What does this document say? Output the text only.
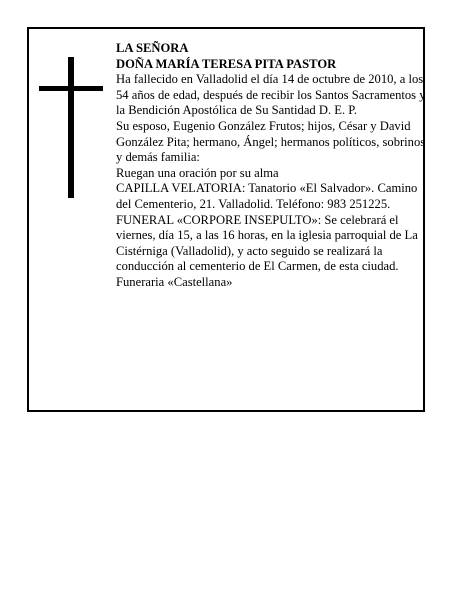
LA SEÑORA

DOÑA MARÍA TERESA PITA PASTOR

Ha fallecido en Valladolid el día 14 de octubre de 2010, a los 54 años de edad, después de recibir los Santos Sacramentos y la Bendición Apostólica de Su Santidad D. E. P.

Su esposo, Eugenio González Frutos; hijos, César y David González Pita; hermano, Ángel; hermanos políticos, sobrinos y demás familia:

Ruegan una oración por su alma

CAPILLA VELATORIA: Tanatorio «El Salvador». Camino del Cementerio, 21. Valladolid. Teléfono: 983 251225.

FUNERAL «CORPORE INSEPULTO»: Se celebrará el viernes, día 15, a las 16 horas, en la iglesia parroquial de La Cistérniga (Valladolid), y acto seguido se realizará la conducción al cementerio de El Carmen, de esta ciudad.

Funeraria «Castellana»
